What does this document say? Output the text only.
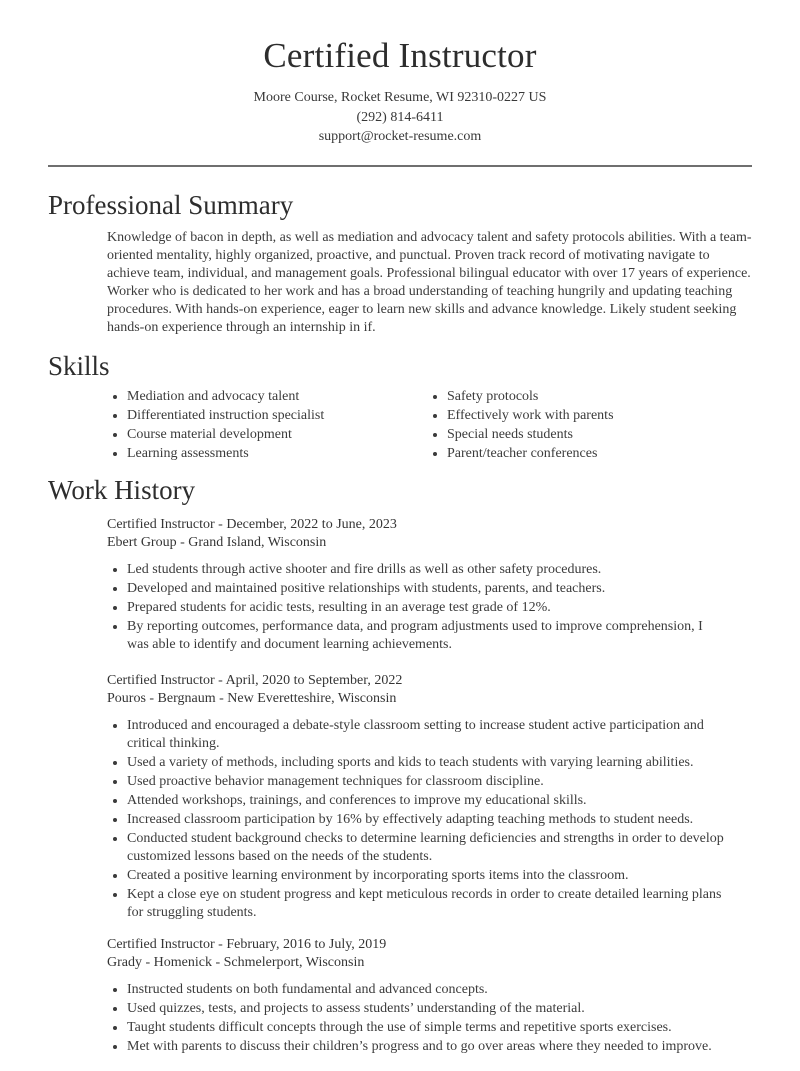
Certified Instructor
Moore Course, Rocket Resume, WI 92310-0227 US
(292) 814-6411
support@rocket-resume.com
Professional Summary

Knowledge of bacon in depth, as well as mediation and advocacy talent and safety protocols abilities. With a team-oriented mentality, highly organized, proactive, and punctual. Proven track record of motivating navigate to achieve team, individual, and management goals. Professional bilingual educator with over 17 years of experience. Worker who is dedicated to her work and has a broad understanding of teaching hungrily and updating teaching procedures. With hands-on experience, eager to learn new skills and advance knowledge. Likely student seeking hands-on experience through an internship in if.

Skills
• Mediation and advocacy talent
• Differentiated instruction specialist
• Course material development
• Learning assessments
• Safety protocols
• Effectively work with parents
• Special needs students
• Parent/teacher conferences
Work History
Certified Instructor - December, 2022 to June, 2023
Ebert Group - Grand Island, Wisconsin
• Led students through active shooter and fire drills as well as other safety procedures.
• Developed and maintained positive relationships with students, parents, and teachers.
• Prepared students for acidic tests, resulting in an average test grade of 12%.
• By reporting outcomes, performance data, and program adjustments used to improve comprehension, I was able to identify and document learning achievements.
Certified Instructor - April, 2020 to September, 2022
Pouros - Bergnaum - New Everetteshire, Wisconsin
• Introduced and encouraged a debate-style classroom setting to increase student active participation and critical thinking.
• Used a variety of methods, including sports and kids to teach students with varying learning abilities.
• Used proactive behavior management techniques for classroom discipline.
• Attended workshops, trainings, and conferences to improve my educational skills.
• Increased classroom participation by 16% by effectively adapting teaching methods to student needs.
• Conducted student background checks to determine learning deficiencies and strengths in order to develop customized lessons based on the needs of the students.
• Created a positive learning environment by incorporating sports items into the classroom.
• Kept a close eye on student progress and kept meticulous records in order to create detailed learning plans for struggling students.
Certified Instructor - February, 2016 to July, 2019
Grady - Homenick - Schmelerport, Wisconsin
• Instructed students on both fundamental and advanced concepts.
• Used quizzes, tests, and projects to assess students’ understanding of the material.
• Taught students difficult concepts through the use of simple terms and repetitive sports exercises.
• Met with parents to discuss their children’s progress and to go over areas where they needed to improve.
